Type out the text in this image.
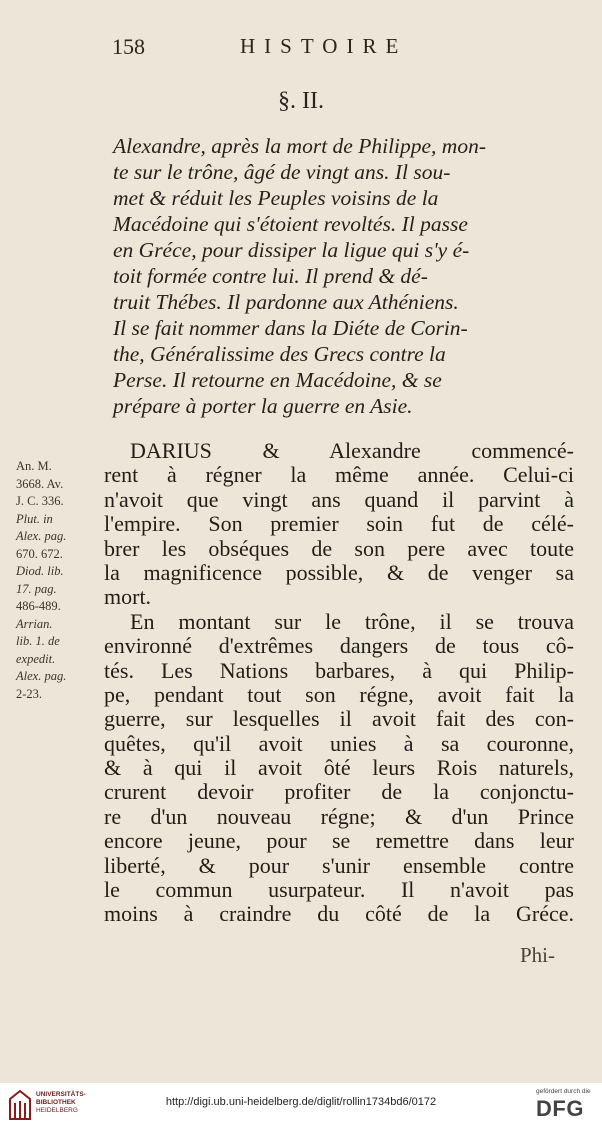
158	HISTOIRE
§. II.
Alexandre, après la mort de Philippe, mon-
te sur le trône, âgé de vingt ans. Il sou-
met & réduit les Peuples voisins de la
Macédoine qui s'étoient revoltés. Il passe
en Gréce, pour dissiper la ligue qui s'y é-
toit formée contre lui. Il prend & dé-
truit Thébes. Il pardonne aux Athéniens.
Il se fait nommer dans la Diéte de Corin-
the, Généralissime des Grecs contre la
Perse. Il retourne en Macédoine, & se
prépare à porter la guerre en Asie.
An. M.
3668. Av.
J. C. 336.
Plut. in
Alex. pag.
670. 672.
Diod. lib.
17. pag.
486-489.
Arrian.
lib. 1. de
expedit.
Alex. pag.
2-23.
DARIUS & Alexandre commencé-
rent à régner la même année. Celui-ci
n'avoit que vingt ans quand il parvint à
l'empire. Son premier soin fut de célé-
brer les obséques de son pere avec toute
la magnificence possible, & de venger sa
mort.
En montant sur le trône, il se trouva
environné d'extrêmes dangers de tous cô-
tés. Les Nations barbares, à qui Philip-
pe, pendant tout son régne, avoit fait la
guerre, sur lesquelles il avoit fait des con-
quêtes, qu'il avoit unies à sa couronne,
& à qui il avoit ôté leurs Rois naturels,
crurent devoir profiter de la conjonctu-
re d'un nouveau régne; & d'un Prince
encore jeune, pour se remettre dans leur
liberté, & pour s'unir ensemble contre
le commun usurpateur. Il n'avoit pas
moins à craindre du côté de la Gréce.
Phi-
UNIVERSITÄTS-
BIBLIOTHEK
HEIDELBERG
http://digi.ub.uni-heidelberg.de/diglit/rollin1734bd6/0172
gefördert durch die
DFG
